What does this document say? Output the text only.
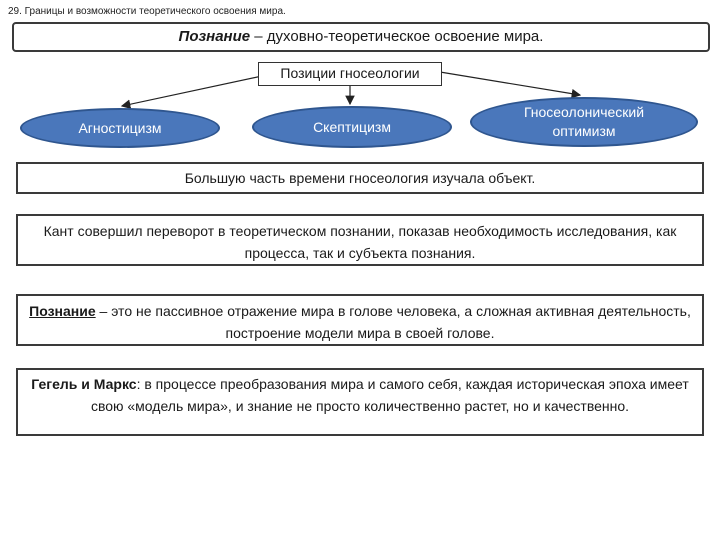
29. Границы и возможности теоретического освоения мира.
Познание – духовно-теоретическое освоение мира.
Позиции гносеологии
Агностицизм	Скептицизм
Гносеолонический оптимизм
Большую часть времени гносеология изучала объект.
Кант совершил переворот в теоретическом познании, показав необходимость исследования, как процесса, так и субъекта познания.
Познание – это не пассивное отражение мира в голове человека, а сложная активная деятельность, построение модели мира в своей голове.
Гегель и Маркс: в процессе преобразования мира и самого себя, каждая историческая эпоха имеет свою «модель мира», и знание не просто количественно растет, но и качественно.
